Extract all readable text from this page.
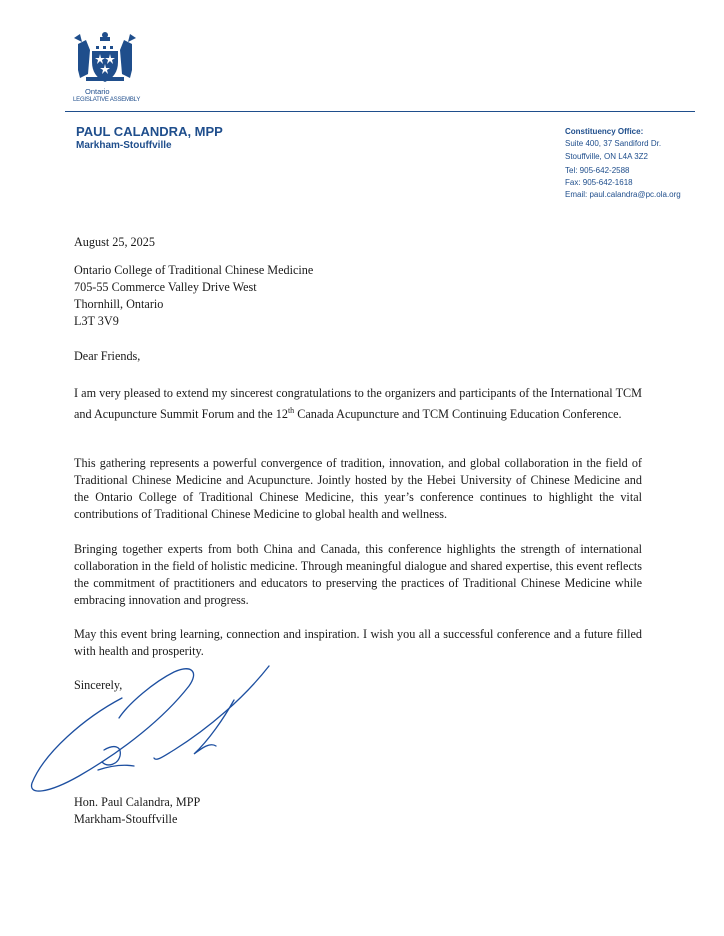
Ontario
LEGISLATIVE ASSEMBLY
PAUL CALANDRA, MPP
Markham-Stouffville
Constituency Office:
Suite 400, 37 Sandiford Dr.
Stouffville, ON L4A 3Z2
Tel: 905-642-2588
Fax: 905-642-1618
Email: paul.calandra@pc.ola.org
August 25, 2025
Ontario College of Traditional Chinese Medicine
705-55 Commerce Valley Drive West
Thornhill, Ontario
L3T 3V9
Dear Friends,
I am very pleased to extend my sincerest congratulations to the organizers and participants of the International TCM and Acupuncture Summit Forum and the 12th Canada Acupuncture and TCM Continuing Education Conference.
This gathering represents a powerful convergence of tradition, innovation, and global collaboration in the field of Traditional Chinese Medicine and Acupuncture. Jointly hosted by the Hebei University of Chinese Medicine and the Ontario College of Traditional Chinese Medicine, this year’s conference continues to highlight the vital contributions of Traditional Chinese Medicine to global health and wellness.
Bringing together experts from both China and Canada, this conference highlights the strength of international collaboration in the field of holistic medicine. Through meaningful dialogue and shared expertise, this event reflects the commitment of practitioners and educators to preserving the practices of Traditional Chinese Medicine while embracing innovation and progress.
May this event bring learning, connection and inspiration. I wish you all a successful conference and a future filled with health and prosperity.
Sincerely,
Hon. Paul Calandra, MPP
Markham-Stouffville
